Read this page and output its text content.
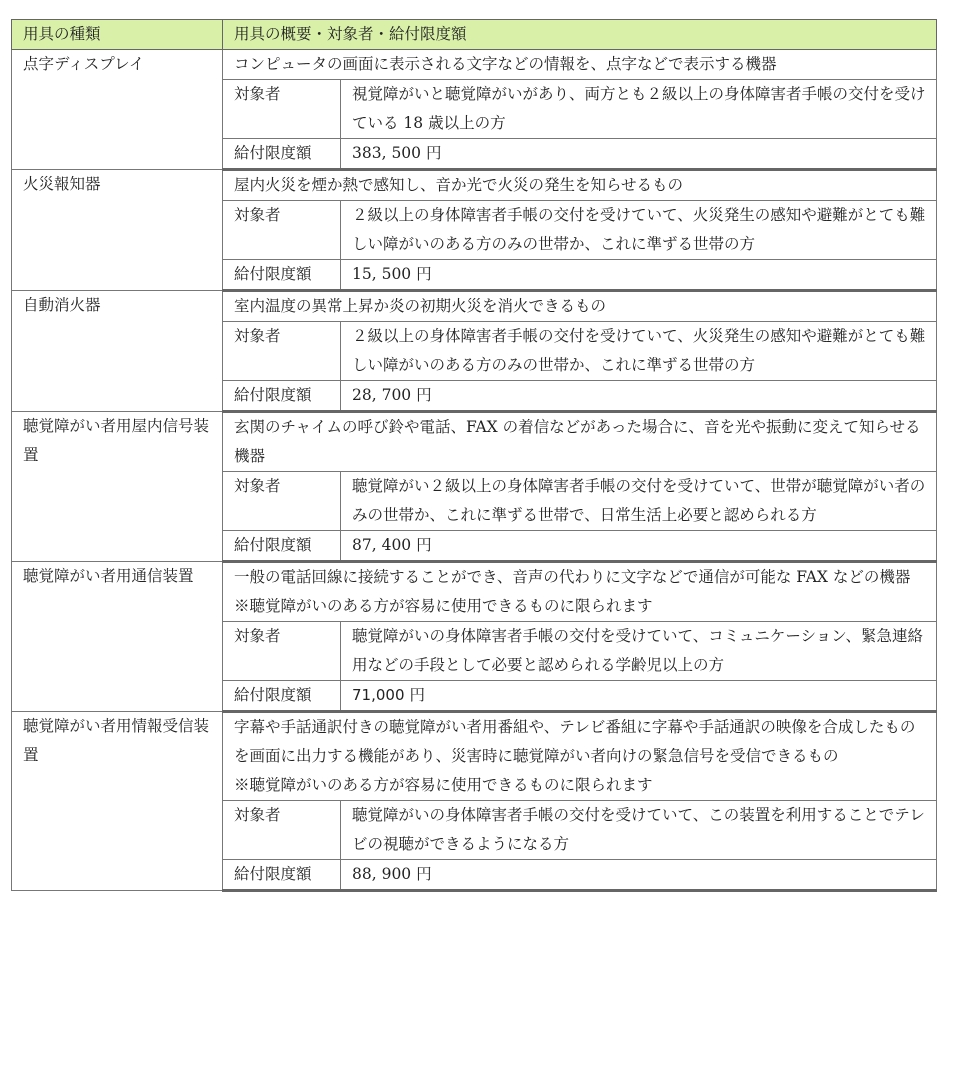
用具の種類	用具の概要・対象者・給付限度額	
点字ディスプレイ	コンピュータの画面に表示される文字などの情報を、点字などで表示する機器	
	対象者	視覚障がいと聴覚障がいがあり、両方とも２級以上の身体障害者手帳の交付を受けている 18 歳以上の方
	給付限度額	383, 500 円
火災報知器	屋内火災を煙か熱で感知し、音か光で火災の発生を知らせるもの	
	対象者	２級以上の身体障害者手帳の交付を受けていて、火災発生の感知や避難がとても難しい障がいのある方のみの世帯か、これに準ずる世帯の方
	給付限度額	15, 500 円
自動消火器	室内温度の異常上昇か炎の初期火災を消火できるもの	
	対象者	２級以上の身体障害者手帳の交付を受けていて、火災発生の感知や避難がとても難しい障がいのある方のみの世帯か、これに準ずる世帯の方
	給付限度額	28, 700 円
聴覚障がい者用屋内信号装置	玄関のチャイムの呼び鈴や電話、FAX の着信などがあった場合に、音を光や振動に変えて知らせる機器	
	対象者	聴覚障がい２級以上の身体障害者手帳の交付を受けていて、世帯が聴覚障がい者のみの世帯か、これに準ずる世帯で、日常生活上必要と認められる方
	給付限度額	87, 400 円
聴覚障がい者用通信装置	一般の電話回線に接続することができ、音声の代わりに文字などで通信が可能な FAX などの機器
※聴覚障がいのある方が容易に使用できるものに限られます	

	対象者	聴覚障がいの身体障害者手帳の交付を受けていて、コミュニケーション、緊急連絡用などの手段として必要と認められる学齢児以上の方
	給付限度額	71,000 円
聴覚障がい者用情報受信装置	字幕や手話通訳付きの聴覚障がい者用番組や、テレビ番組に字幕や手話通訳の映像を合成したものを画面に出力する機能があり、災害時に聴覚障がい者向けの緊急信号を受信できるもの
※聴覚障がいのある方が容易に使用できるものに限られます	

	対象者	聴覚障がいの身体障害者手帳の交付を受けていて、この装置を利用することでテレビの視聴ができるようになる方
	給付限度額	88, 900 円
